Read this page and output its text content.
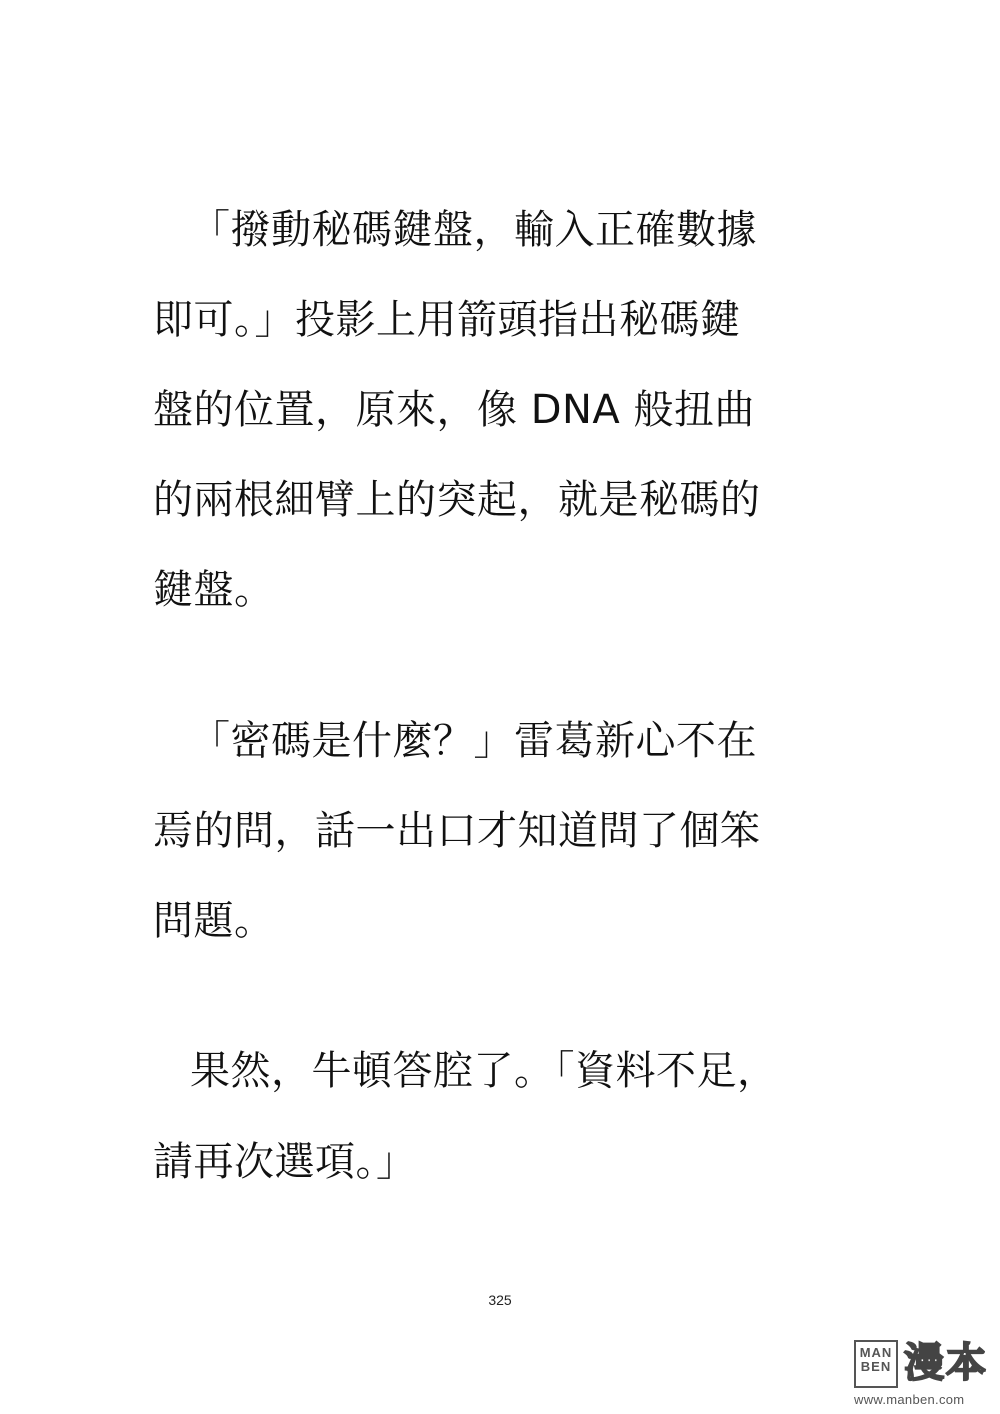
「撥動秘碼鍵盤，輸入正確數據
即可。」投影上用箭頭指出秘碼鍵
盤的位置，原來，像 DNA 般扭曲
的兩根細臂上的突起，就是秘碼的
鍵盤。
「密碼是什麼？」雷葛新心不在
焉的問，話一出口才知道問了個笨
問題。
果然，牛頓答腔了。「資料不足，
請再次選項。」
325
MAN
BEN 漫本
www.manben.com
